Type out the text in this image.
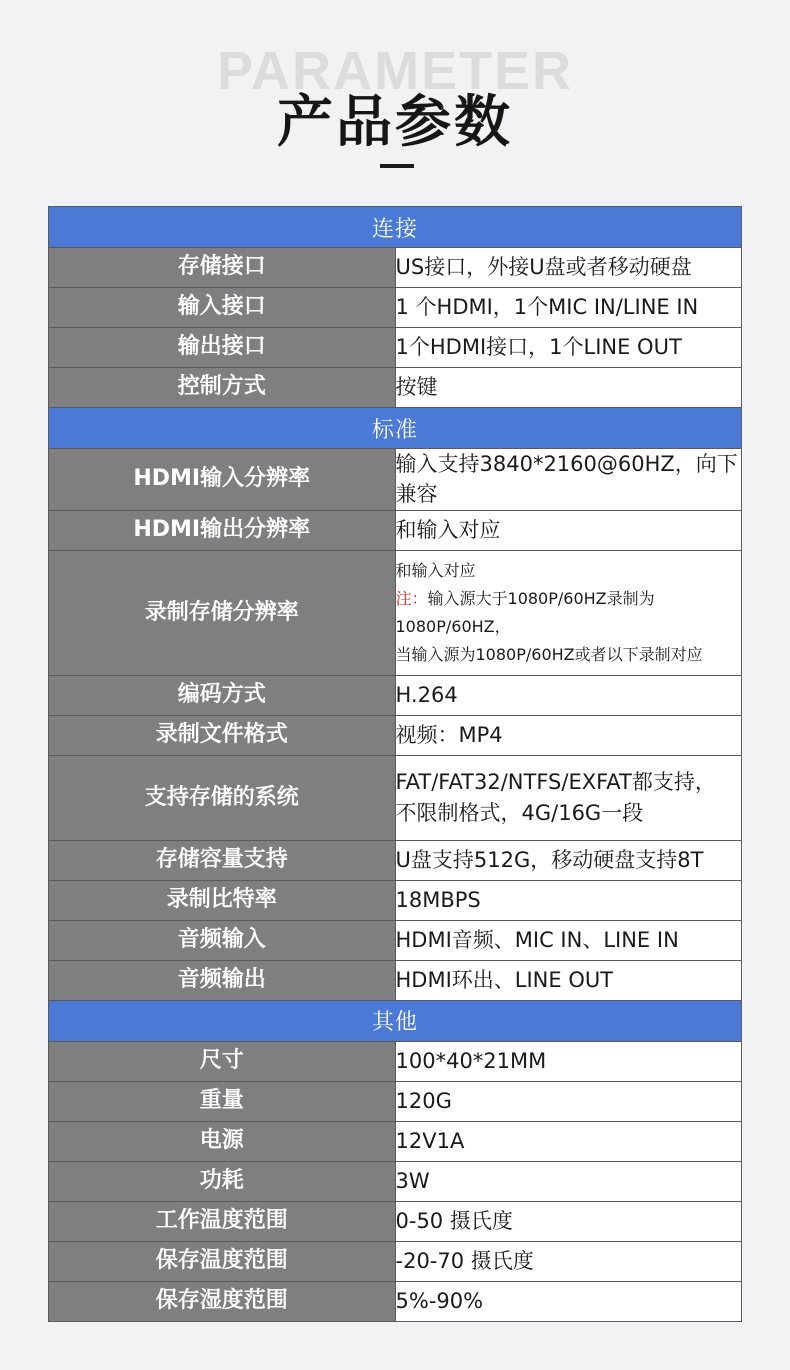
PARAMETER
产品参数
连接	
存储接口	US接口，外接U盘或者移动硬盘
输入接口	1 个HDMI，1个MIC IN/LINE IN
输出接口	1个HDMI接口，1个LINE OUT
控制方式	按键
标准	
HDMI输入分辨率	输入支持3840*2160@60HZ，向下兼容
HDMI输出分辨率	和输入对应
录制存储分辨率	和输入对应
注：输入源大于1080P/60HZ录制为1080P/60HZ，
当输入源为1080P/60HZ或者以下录制对应

编码方式	H.264
录制文件格式	视频：MP4
支持存储的系统	FAT/FAT32/NTFS/EXFAT都支持，
不限制格式，4G/16G一段

存储容量支持	U盘支持512G，移动硬盘支持8T
录制比特率	18MBPS
音频输入	HDMI音频、MIC IN、LINE IN
音频输出	HDMI环出、LINE OUT
其他	
尺寸	100*40*21MM
重量	120G
电源	12V1A
功耗	3W
工作温度范围	0-50 摄氏度
保存温度范围	-20-70 摄氏度
保存湿度范围	5%-90%
